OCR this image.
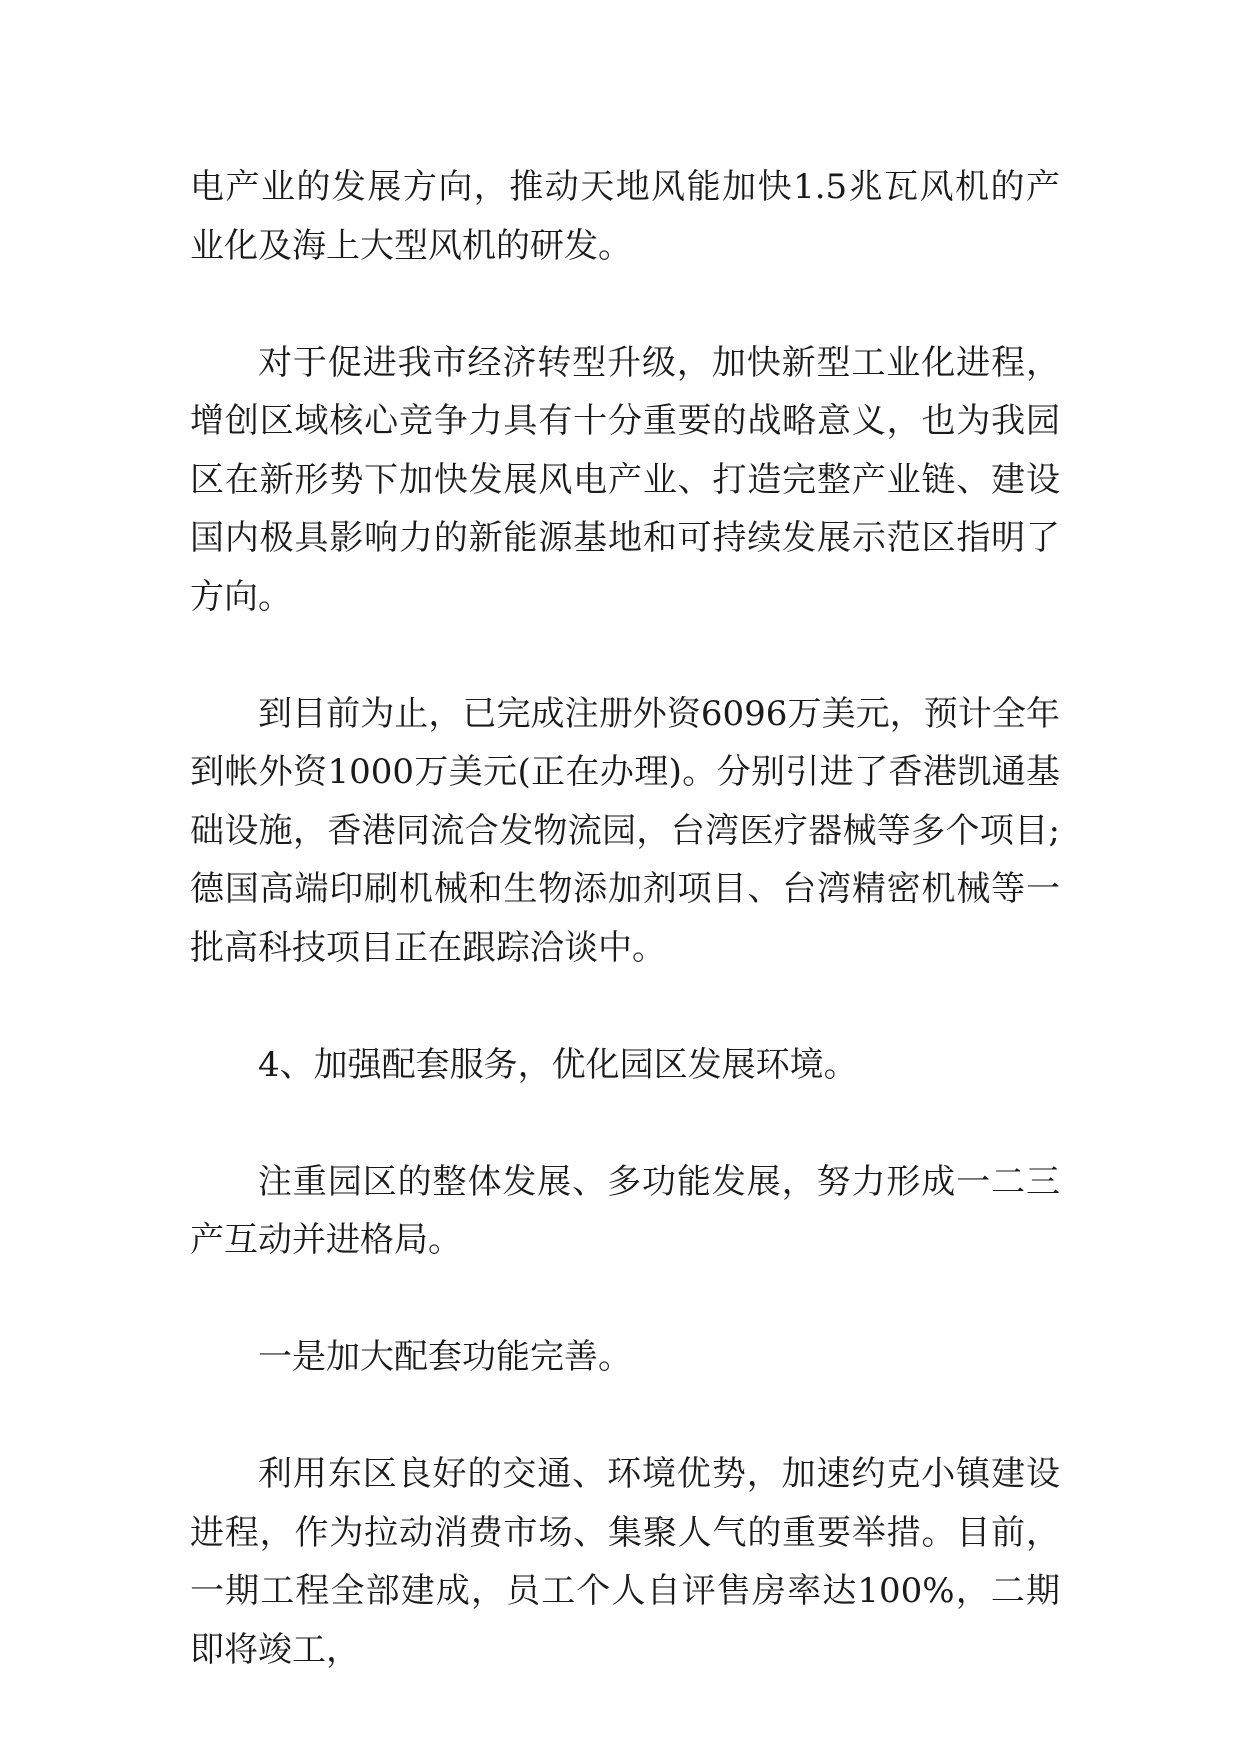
电产业的发展方向，推动天地风能加快1.5兆瓦风机的产业化及海上大型风机的研发。

对于促进我市经济转型升级，加快新型工业化进程，增创区域核心竞争力具有十分重要的战略意义，也为我园区在新形势下加快发展风电产业、打造完整产业链、建设国内极具影响力的新能源基地和可持续发展示范区指明了方向。

到目前为止，已完成注册外资6096万美元，预计全年到帐外资1000万美元(正在办理)。分别引进了香港凯通基础设施，香港同流合发物流园，台湾医疗器械等多个项目;德国高端印刷机械和生物添加剂项目、台湾精密机械等一批高科技项目正在跟踪洽谈中。

4、加强配套服务，优化园区发展环境。

注重园区的整体发展、多功能发展，努力形成一二三产互动并进格局。

一是加大配套功能完善。

利用东区良好的交通、环境优势，加速约克小镇建设进程，作为拉动消费市场、集聚人气的重要举措。目前，一期工程全部建成，员工个人自评售房率达100%，二期即将竣工，
